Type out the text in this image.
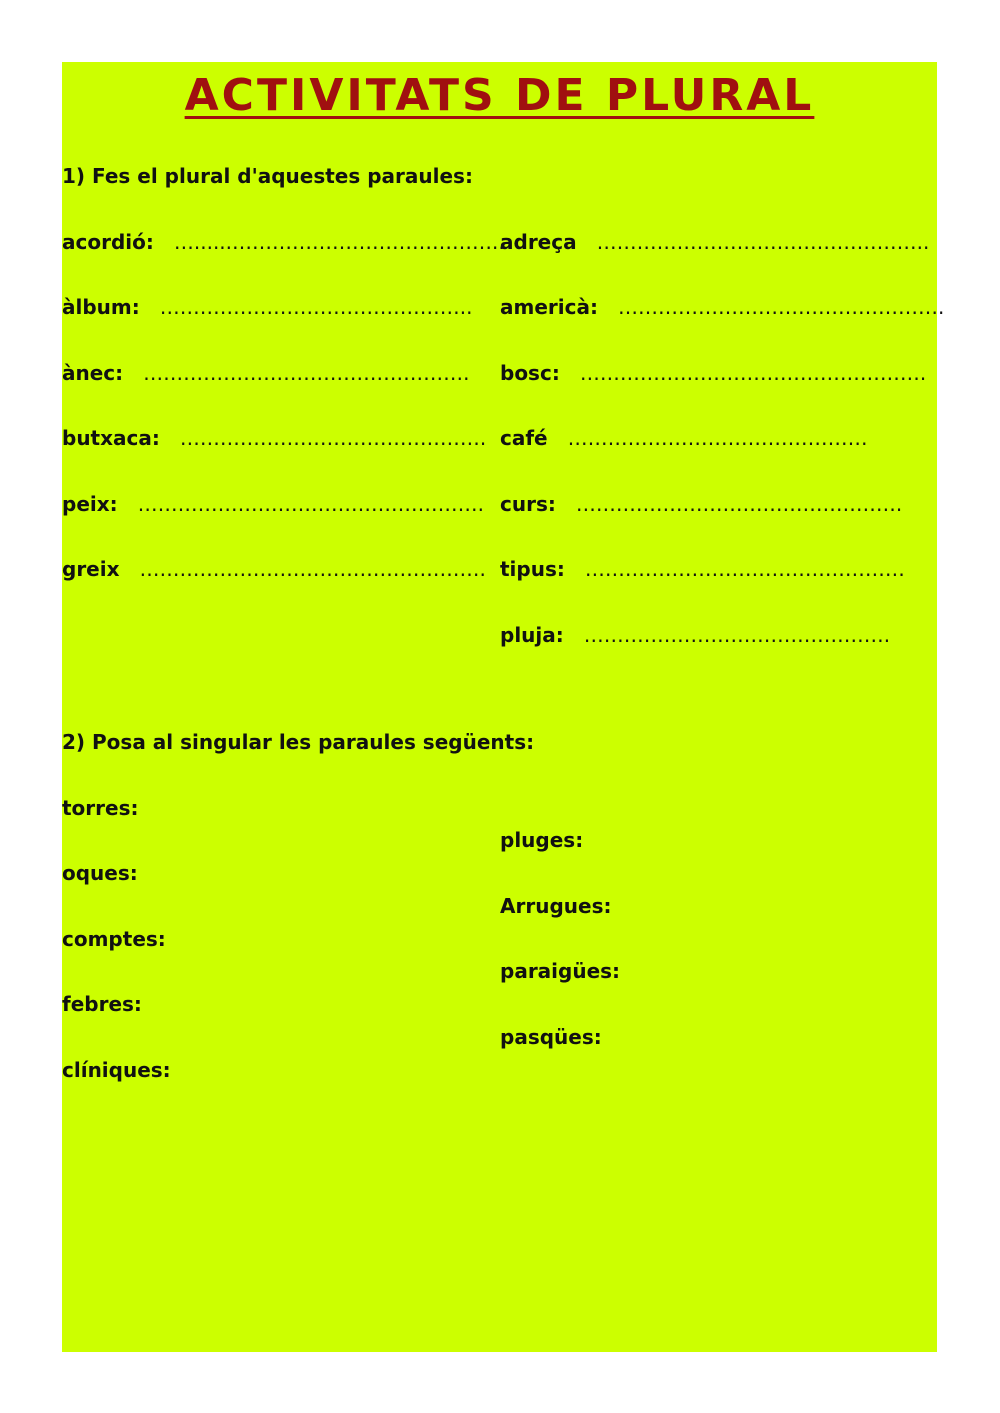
ACTIVITATS DE PLURAL
1) Fes el plural d'aquestes paraules:
acordió: …......…………………………………..
àlbum: ………………………………………..
ànec: ………………………………………….
butxaca: ……………………………………….
peix: …………………………………………….
greix …………………………………………….
adreça …………………………………………..
americà: ………………………………………….
bosc: …………………………………………….
café ………………………………………
curs: ………………………………………….
tipus: …………………………………………
pluja: ……………………………………….
2) Posa al singular les paraules següents:
torres:
oques:
comptes:
febres:
clíniques:
pluges:
Arrugues:
paraigües:
pasqües:
